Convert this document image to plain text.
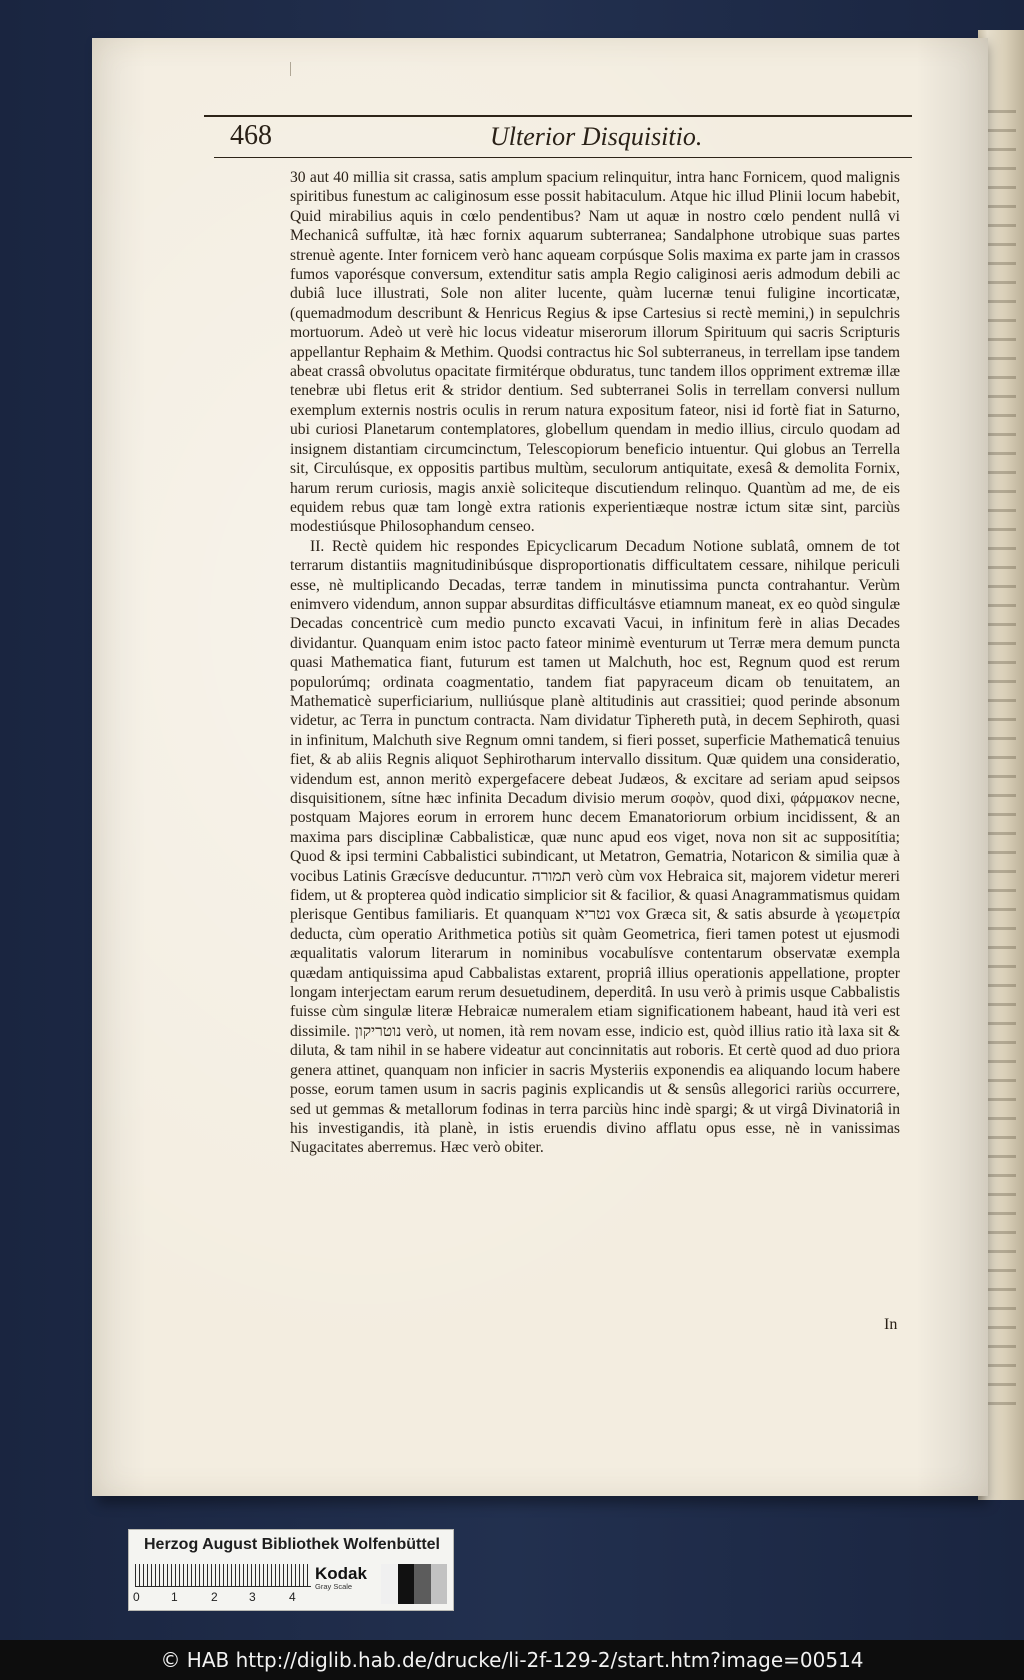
468	Ulterior Disquisitio.

30 aut 40 millia sit crassa, satis amplum spacium relinquitur, intra hanc Fornicem, quod malignis spiritibus funestum ac caliginosum esse possit habitaculum. Atque hic illud Plinii locum habebit, Quid mirabilius aquis in cœlo pendentibus? Nam ut aquæ in nostro cœlo pendent nullâ vi Mechanicâ suffultæ, ità hæc fornix aquarum subterranea; Sandalphone utrobique suas partes strenuè agente. Inter fornicem verò hanc aqueam corpúsque Solis maxima ex parte jam in crassos fumos vaporésque conversum, extenditur satis ampla Regio caliginosi aeris admodum debili ac dubiâ luce illustrati, Sole non aliter lucente, quàm lucernæ tenui fuligine incorticatæ, (quemadmodum describunt & Henricus Regius & ipse Cartesius si rectè memini,) in sepulchris mortuorum. Adeò ut verè hic locus videatur miserorum illorum Spirituum qui sacris Scripturis appellantur Rephaim & Methim. Quodsi contractus hic Sol subterraneus, in terrellam ipse tandem abeat crassâ obvolutus opacitate firmitérque obduratus, tunc tandem illos oppriment extremæ illæ tenebræ ubi fletus erit & stridor dentium. Sed subterranei Solis in terrellam conversi nullum exemplum externis nostris oculis in rerum natura expositum fateor, nisi id fortè fiat in Saturno, ubi curiosi Planetarum contemplatores, globellum quendam in medio illius, circulo quodam ad insignem distantiam circumcinctum, Telescopiorum beneficio intuentur. Qui globus an Terrella sit, Circulúsque, ex oppositis partibus multùm, seculorum antiquitate, exesâ & demolita Fornix, harum rerum curiosis, magis anxiè soliciteque discutiendum relinquo. Quantùm ad me, de eis equidem rebus quæ tam longè extra rationis experientiæque nostræ ictum sitæ sint, parciùs modestiúsque Philosophandum censeo.

II. Rectè quidem hic respondes Epicyclicarum Decadum Notione sublatâ, omnem de tot terrarum distantiis magnitudinibúsque disproportionatis difficultatem cessare, nihilque periculi esse, nè multiplicando Decadas, terræ tandem in minutissima puncta contrahantur. Verùm enimvero videndum, annon suppar absurditas difficultásve etiamnum maneat, ex eo quòd singulæ Decadas concentricè cum medio puncto excavati Vacui, in infinitum ferè in alias Decades dividantur. Quanquam enim istoc pacto fateor minimè eventurum ut Terræ mera demum puncta quasi Mathematica fiant, futurum est tamen ut Malchuth, hoc est, Regnum quod est rerum populorúmq; ordinata coagmentatio, tandem fiat papyraceum dicam ob tenuitatem, an Mathematicè superficiarium, nulliúsque planè altitudinis aut crassitiei; quod perinde absonum videtur, ac Terra in punctum contracta. Nam dividatur Tiphereth putà, in decem Sephiroth, quasi in infinitum, Malchuth sive Regnum omni tandem, si fieri posset, superficie Mathematicâ tenuius fiet, & ab aliis Regnis aliquot Sephirotharum intervallo dissitum. Quæ quidem una consideratio, videndum est, annon meritò expergefacere debeat Judæos, & excitare ad seriam apud seipsos disquisitionem, sítne hæc infinita Decadum divisio merum σοφὸν, quod dixi, φάρμακον necne, postquam Majores eorum in errorem hunc decem Emanatoriorum orbium incidissent, & an maxima pars disciplinæ Cabbalisticæ, quæ nunc apud eos viget, nova non sit ac suppositítia; Quod & ipsi termini Cabbalistici subindicant, ut Metatron, Gematria, Notaricon & similia quæ à vocibus Latinis Græcísve deducuntur. תמורה verò cùm vox Hebraica sit, majorem videtur mereri fidem, ut & propterea quòd indicatio simplicior sit & facilior, & quasi Anagrammatismus quidam plerisque Gentibus familiaris. Et quanquam נטריא vox Græca sit, & satis absurde à γεωμετρία deducta, cùm operatio Arithmetica potiùs sit quàm Geometrica, fieri tamen potest ut ejusmodi æqualitatis valorum literarum in nominibus vocabulísve contentarum observatæ exempla quædam antiquissima apud Cabbalistas extarent, propriâ illius operationis appellatione, propter longam interjectam earum rerum desuetudinem, deperditâ. In usu verò à primis usque Cabbalistis fuisse cùm singulæ literæ Hebraicæ numeralem etiam significationem habeant, haud ità veri est dissimile. נוטריקון verò, ut nomen, ità rem novam esse, indicio est, quòd illius ratio ità laxa sit & diluta, & tam nihil in se habere videatur aut concinnitatis aut roboris. Et certè quod ad duo priora genera attinet, quanquam non inficier in sacris Mysteriis exponendis ea aliquando locum habere posse, eorum tamen usum in sacris paginis explicandis ut & sensûs allegorici rariùs occurrere, sed ut gemmas & metallorum fodinas in terra parciùs hinc indè spargi; & ut virgâ Divinatoriâ in his investigandis, ità planè, in istis eruendis divino afflatu opus esse, nè in vanissimas Nugacitates aberremus. Hæc verò obiter.

In
Herzog August Bibliothek Wolfenbüttel
0	1	2	3	4
Kodak
Gray Scale
© HAB http://diglib.hab.de/drucke/li-2f-129-2/start.htm?image=00514
